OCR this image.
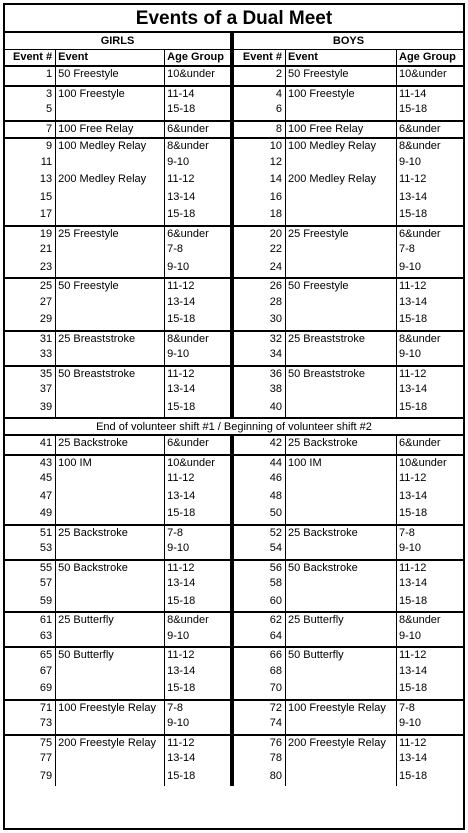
Events of a Dual Meet
GIRLS	BOYS
Event # Event	Age Group	Event # Event	Age Group
1 50 Freestyle	10&under	2 50 Freestyle	10&under
3 100 Freestyle	11-14	4 100 Freestyle	11-14
5	15-18	6	15-18
7 100 Free Relay	6&under	8 100 Free Relay	6&under
9 100 Medley Relay	8&under	10 100 Medley Relay	8&under
11	9-10	12	9-10
13 200 Medley Relay	11-12	14 200 Medley Relay	11-12
15	13-14	16	13-14
17	15-18	18	15-18
19 25 Freestyle	6&under	20 25 Freestyle	6&under
21	7-8	22	7-8
23	9-10	24	9-10
25 50 Freestyle	11-12	26 50 Freestyle	11-12
27	13-14	28	13-14
29	15-18	30	15-18
31 25 Breaststroke	8&under	32 25 Breaststroke	8&under
33	9-10	34	9-10
35 50 Breaststroke	11-12	36 50 Breaststroke	11-12
37	13-14	38	13-14
39	15-18	40	15-18
End of volunteer shift #1 / Beginning of volunteer shift #2
41 25 Backstroke	6&under	42 25 Backstroke	6&under
43 100 IM	10&under	44 100 IM	10&under
45	11-12	46	11-12
47	13-14	48	13-14
49	15-18	50	15-18
51 25 Backstroke	7-8	52 25 Backstroke	7-8
53	9-10	54	9-10
55 50 Backstroke	11-12	56 50 Backstroke	11-12
57	13-14	58	13-14
59	15-18	60	15-18
61 25 Butterfly	8&under	62 25 Butterfly	8&under
63	9-10	64	9-10
65 50 Butterfly	11-12	66 50 Butterfly	11-12
67	13-14	68	13-14
69	15-18	70	15-18
71 100 Freestyle Relay	7-8	72 100 Freestyle Relay	7-8
73	9-10	74	9-10
75 200 Freestyle Relay	11-12	76 200 Freestyle Relay	11-12
77	13-14	78	13-14
79	15-18	80	15-18
